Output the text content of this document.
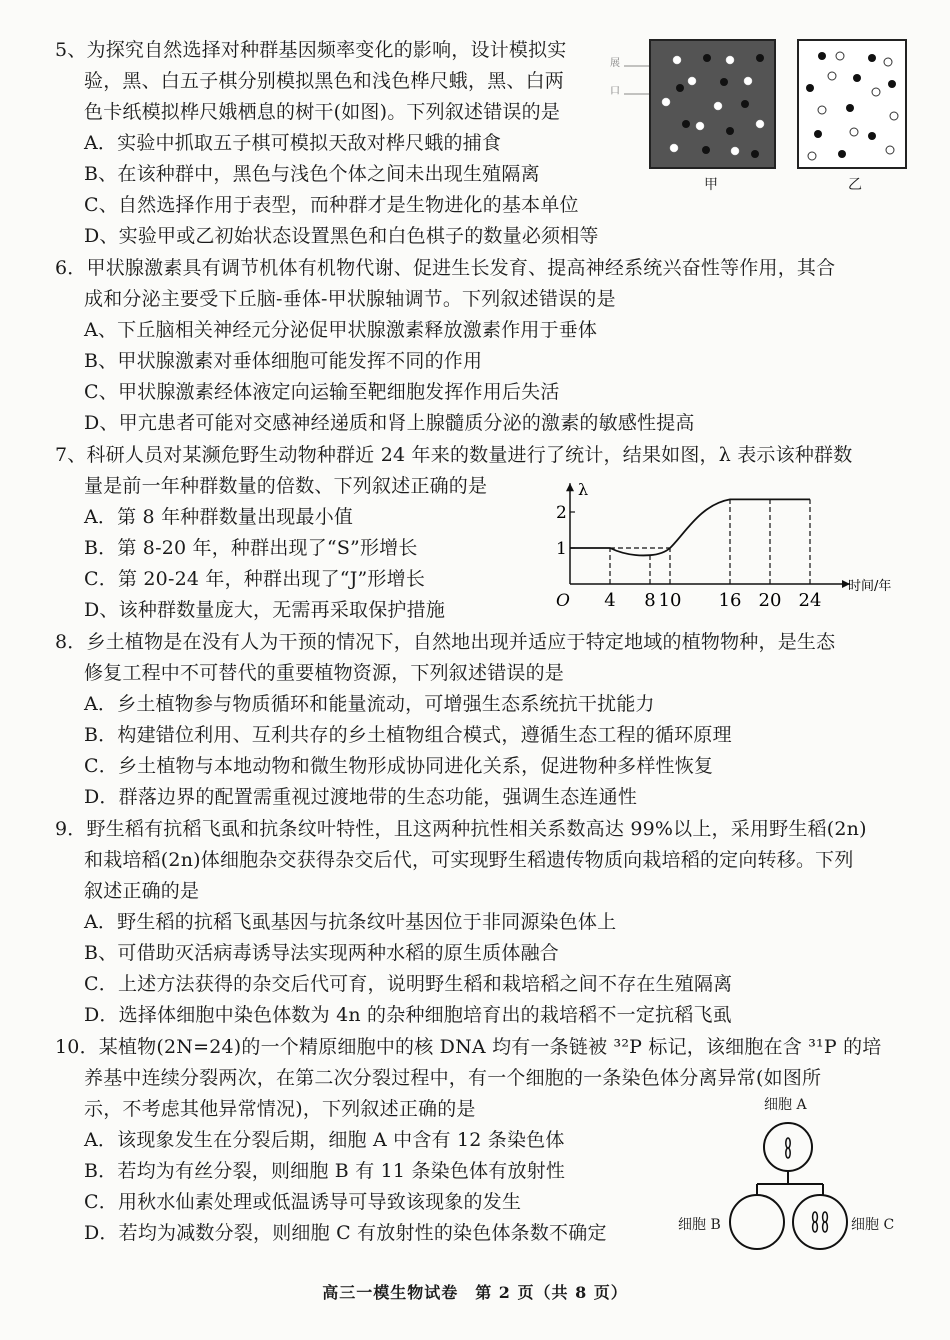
5、为探究自然选择对种群基因频率变化的影响，设计模拟实
验，黑、白五子棋分别模拟黑色和浅色桦尺蛾，黑、白两
色卡纸模拟桦尺娥栖息的树干(如图)。下列叙述错误的是
A．实验中抓取五子棋可模拟天敌对桦尺蛾的捕食
B、在该种群中，黑色与浅色个体之间未出现生殖隔离
C、自然选择作用于表型，而种群才是生物进化的基本单位
D、实验甲或乙初始状态设置黑色和白色棋子的数量必须相等
展
口
甲	乙
6．甲状腺激素具有调节机体有机物代谢、促进生长发育、提高神经系统兴奋性等作用，其合
成和分泌主要受下丘脑-垂体-甲状腺轴调节。下列叙述错误的是
A、下丘脑相关神经元分泌促甲状腺激素释放激素作用于垂体
B、甲状腺激素对垂体细胞可能发挥不同的作用
C、甲状腺激素经体液定向运输至靶细胞发挥作用后失活
D、甲亢患者可能对交感神经递质和肾上腺髓质分泌的激素的敏感性提高
7、科研人员对某濒危野生动物种群近 24 年来的数量进行了统计，结果如图，λ 表示该种群数
量是前一年种群数量的倍数、下列叙述正确的是
A．第 8 年种群数量出现最小值
B．第 8-20 年，种群出现了“S”形增长
C．第 20-24 年，种群出现了“J”形增长
D、该种群数量庞大，无需再采取保护措施
λ
时间/年
O
1
2
4 8 10 16 20 24
8．乡土植物是在没有人为干预的情况下，自然地出现并适应于特定地域的植物物种，是生态
修复工程中不可替代的重要植物资源，下列叙述错误的是
A．乡土植物参与物质循环和能量流动，可增强生态系统抗干扰能力
B．构建错位利用、互利共存的乡土植物组合模式，遵循生态工程的循环原理
C．乡土植物与本地动物和微生物形成协同进化关系，促进物种多样性恢复
D．群落边界的配置需重视过渡地带的生态功能，强调生态连通性
9．野生稻有抗稻飞虱和抗条纹叶特性，且这两种抗性相关系数高达 99%以上，采用野生稻(2n)
和栽培稻(2n)体细胞杂交获得杂交后代，可实现野生稻遗传物质向栽培稻的定向转移。下列
叙述正确的是
A．野生稻的抗稻飞虱基因与抗条纹叶基因位于非同源染色体上
B、可借助灭活病毒诱导法实现两种水稻的原生质体融合
C．上述方法获得的杂交后代可育，说明野生稻和栽培稻之间不存在生殖隔离
D．选择体细胞中染色体数为 4n 的杂种细胞培育出的栽培稻不一定抗稻飞虱
10．某植物(2N=24)的一个精原细胞中的核 DNA 均有一条链被 ³²P 标记，该细胞在含 ³¹P 的培
养基中连续分裂两次，在第二次分裂过程中，有一个细胞的一条染色体分离异常(如图所
示，不考虑其他异常情况)，下列叙述正确的是
A．该现象发生在分裂后期，细胞 A 中含有 12 条染色体
B．若均为有丝分裂，则细胞 B 有 11 条染色体有放射性
C．用秋水仙素处理或低温诱导可导致该现象的发生
D．若均为减数分裂，则细胞 C 有放射性的染色体条数不确定
细胞 A
细胞 B	细胞 C
高三一模生物试卷　第 2 页（共 8 页）
